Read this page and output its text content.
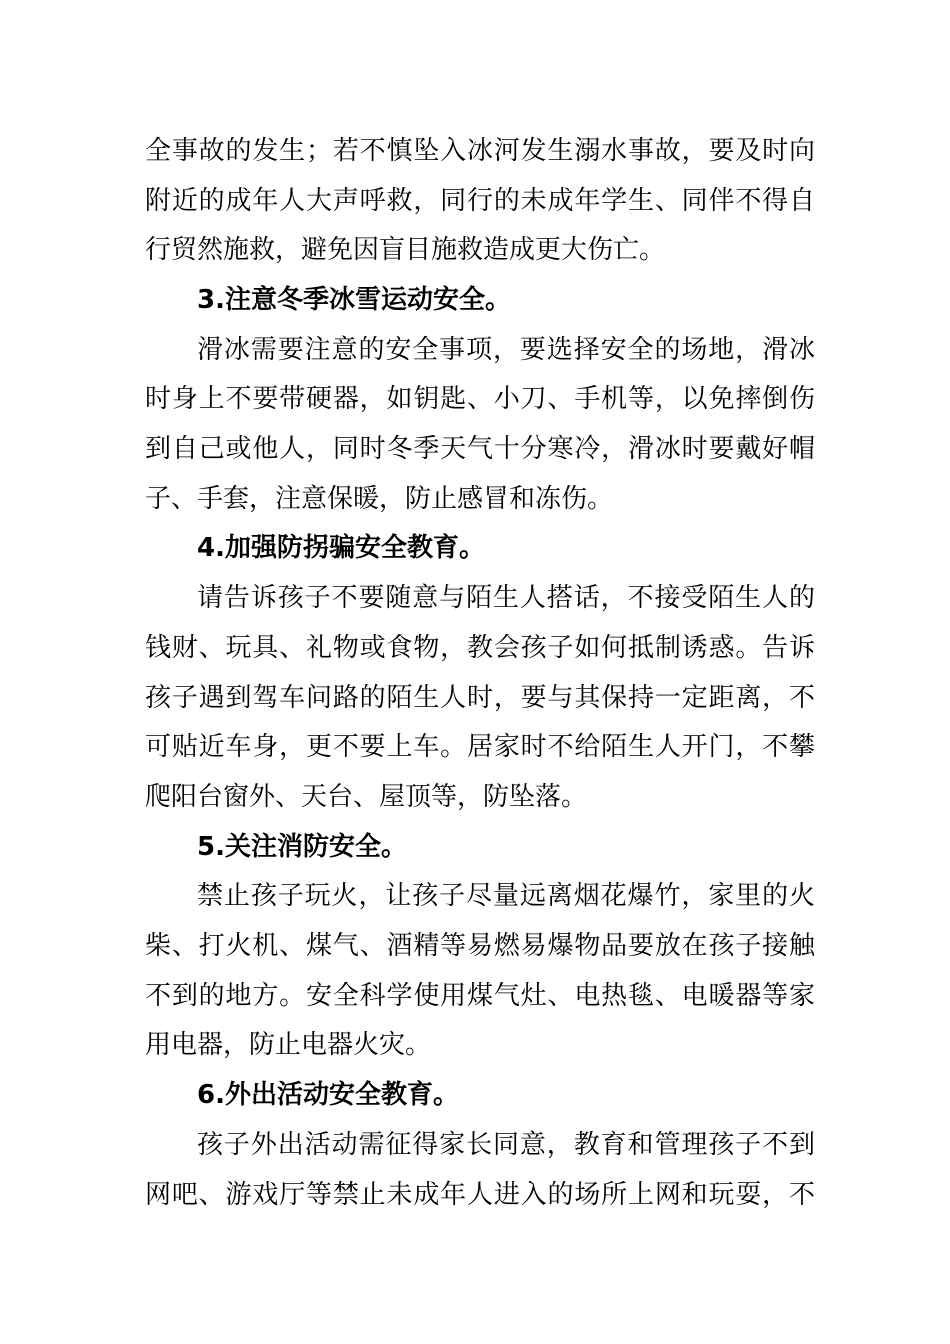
全事故的发生；若不慎坠入冰河发生溺水事故，要及时向
附近的成年人大声呼救，同行的未成年学生、同伴不得自
行贸然施救，避免因盲目施救造成更大伤亡。
3.注意冬季冰雪运动安全。
滑冰需要注意的安全事项，要选择安全的场地，滑冰
时身上不要带硬器，如钥匙、小刀、手机等，以免摔倒伤
到自己或他人，同时冬季天气十分寒冷，滑冰时要戴好帽
子、手套，注意保暖，防止感冒和冻伤。
4.加强防拐骗安全教育。
请告诉孩子不要随意与陌生人搭话，不接受陌生人的
钱财、玩具、礼物或食物，教会孩子如何抵制诱惑。告诉
孩子遇到驾车问路的陌生人时，要与其保持一定距离，不
可贴近车身，更不要上车。居家时不给陌生人开门，不攀
爬阳台窗外、天台、屋顶等，防坠落。
5.关注消防安全。
禁止孩子玩火，让孩子尽量远离烟花爆竹，家里的火
柴、打火机、煤气、酒精等易燃易爆物品要放在孩子接触
不到的地方。安全科学使用煤气灶、电热毯、电暖器等家
用电器，防止电器火灾。
6.外出活动安全教育。
孩子外出活动需征得家长同意，教育和管理孩子不到
网吧、游戏厅等禁止未成年人进入的场所上网和玩耍，不
